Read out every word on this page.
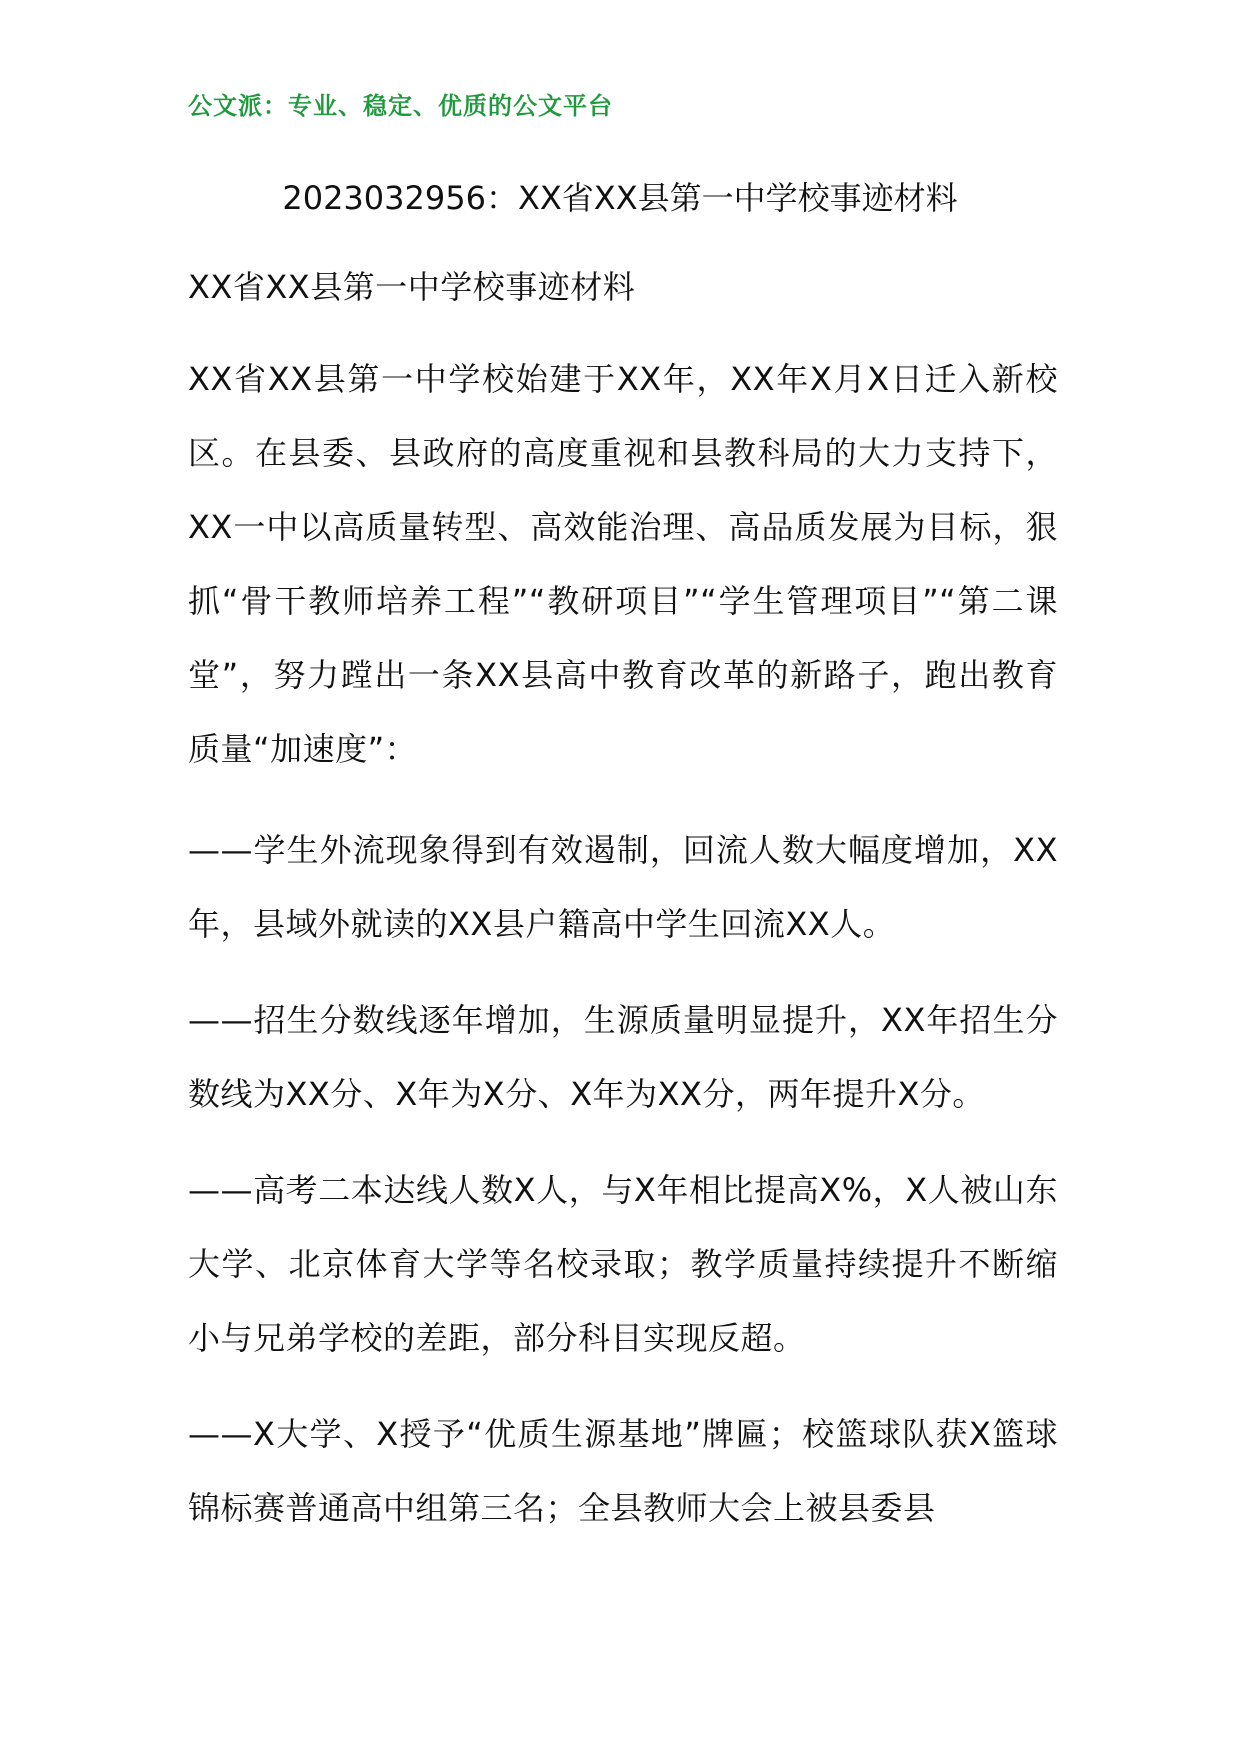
公文派：专业、稳定、优质的公文平台
2023032956：XX省XX县第一中学校事迹材料

XX省XX县第一中学校事迹材料

XX省XX县第一中学校始建于XX年，XX年X月X日迁入新校区。在县委、县政府的高度重视和县教科局的大力支持下，XX一中以高质量转型、高效能治理、高品质发展为目标，狠抓“骨干教师培养工程”“教研项目”“学生管理项目”“第二课堂”，努力蹚出一条XX县高中教育改革的新路子，跑出教育质量“加速度”：

——学生外流现象得到有效遏制，回流人数大幅度增加，XX年，县域外就读的XX县户籍高中学生回流XX人。

——招生分数线逐年增加，生源质量明显提升，XX年招生分数线为XX分、X年为X分、X年为XX分，两年提升X分。

——高考二本达线人数X人，与X年相比提高X%，X人被山东大学、北京体育大学等名校录取；教学质量持续提升不断缩小与兄弟学校的差距，部分科目实现反超。

——X大学、X授予“优质生源基地”牌匾；校篮球队获X篮球锦标赛普通高中组第三名；全县教师大会上被县委县
